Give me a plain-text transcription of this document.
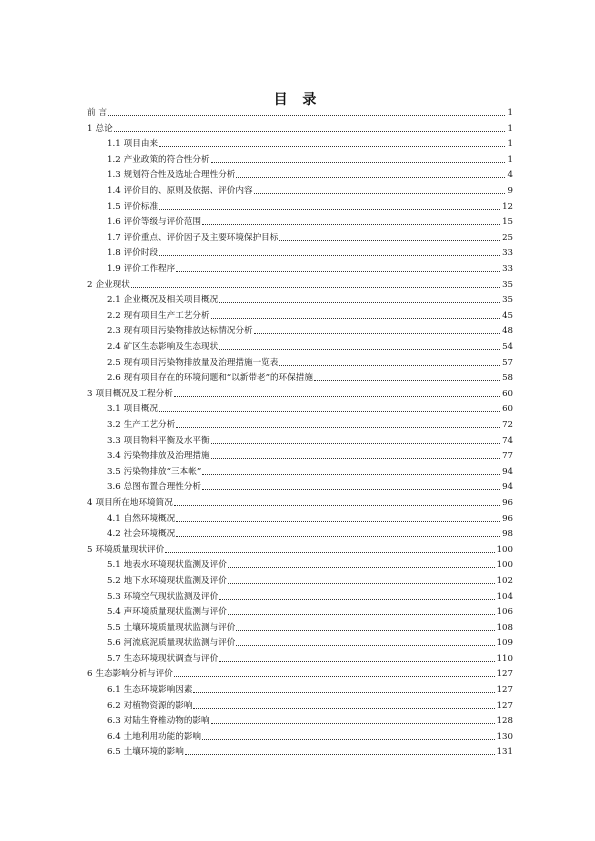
目 录
前 言	1
1 总论	1
1.1 项目由来	1
1.2 产业政策的符合性分析	1
1.3 规划符合性及选址合理性分析	4
1.4 评价目的、原则及依据、评价内容	9
1.5 评价标准	12
1.6 评价等级与评价范围	15
1.7 评价重点、评价因子及主要环境保护目标	25
1.8 评价时段	33
1.9 评价工作程序	33
2 企业现状	35
2.1 企业概况及相关项目概况	35
2.2 现有项目生产工艺分析	45
2.3 现有项目污染物排放达标情况分析	48
2.4 矿区生态影响及生态现状	54
2.5 现有项目污染物排放量及治理措施一览表	57
2.6 现有项目存在的环境问题和“以新带老”的环保措施	58
3 项目概况及工程分析	60
3.1 项目概况	60
3.2 生产工艺分析	72
3.3 项目物料平衡及水平衡	74
3.4 污染物排放及治理措施	77
3.5 污染物排放“三本帐”	94
3.6 总图布置合理性分析	94
4 项目所在地环境简况	96
4.1 自然环境概况	96
4.2 社会环境概况	98
5 环境质量现状评价	100
5.1 地表水环境现状监测及评价	100
5.2 地下水环境现状监测及评价	102
5.3 环境空气现状监测及评价	104
5.4 声环境质量现状监测与评价	106
5.5 土壤环境质量现状监测与评价	108
5.6 河流底泥质量现状监测与评价	109
5.7 生态环境现状调查与评价	110
6 生态影响分析与评价	127
6.1 生态环境影响因素	127
6.2 对植物资源的影响	127
6.3 对陆生脊椎动物的影响	128
6.4 土地利用功能的影响	130
6.5 土壤环境的影响	131
